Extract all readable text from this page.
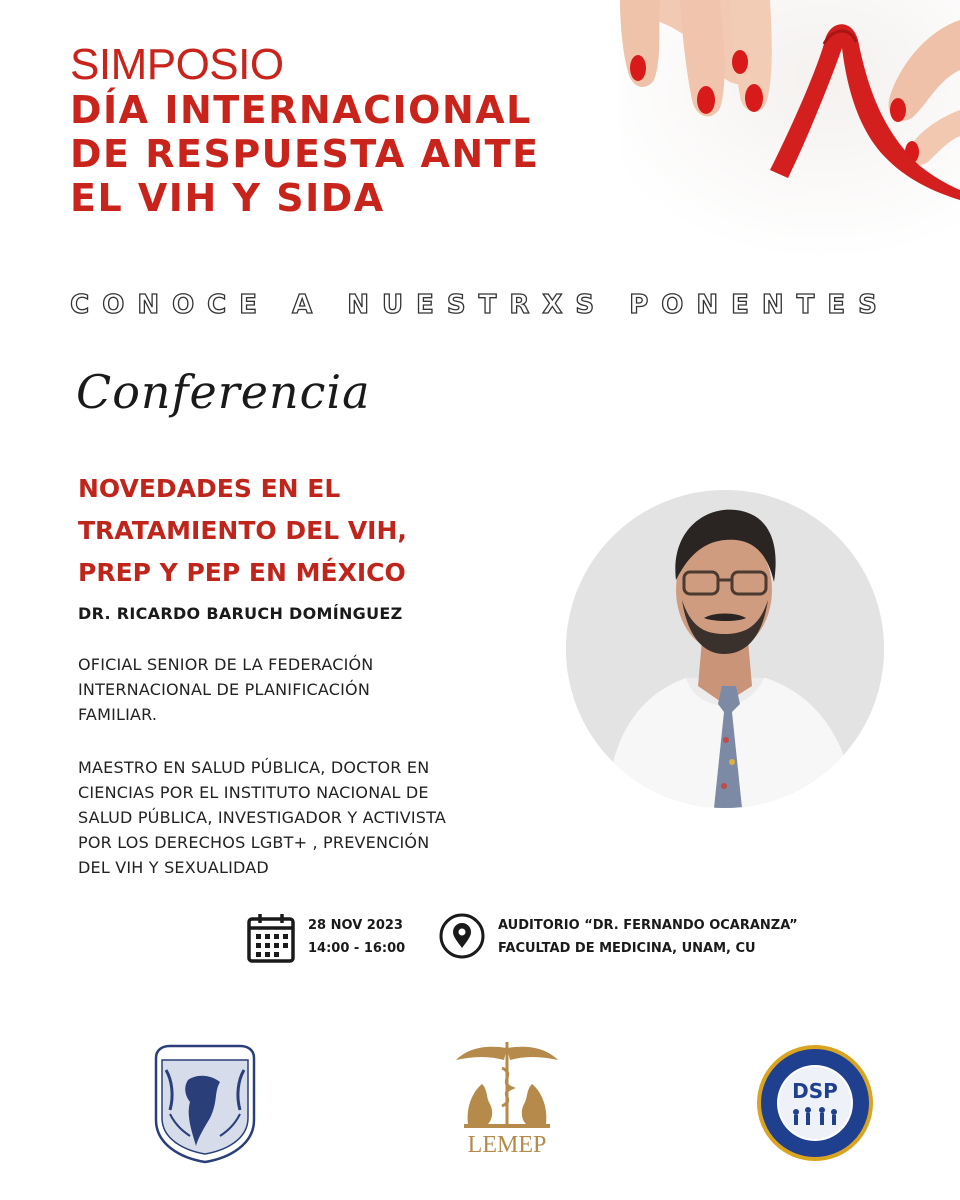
SIMPOSIO
DÍA INTERNACIONAL
DE RESPUESTA ANTE
EL VIH Y SIDA
CONOCE A NUESTRXS PONENTES
Conferencia
NOVEDADES EN EL
TRATAMIENTO DEL VIH,
PREP Y PEP EN MÉXICO
DR. RICARDO BARUCH DOMÍNGUEZ
OFICIAL SENIOR DE LA FEDERACIÓN
INTERNACIONAL DE PLANIFICACIÓN
FAMILIAR.
MAESTRO EN SALUD PÚBLICA, DOCTOR EN
CIENCIAS POR EL INSTITUTO NACIONAL DE
SALUD PÚBLICA, INVESTIGADOR Y ACTIVISTA
POR LOS DERECHOS LGBT+ , PREVENCIÓN
DEL VIH Y SEXUALIDAD
28 NOV 2023
14:00 - 16:00
AUDITORIO “DR. FERNANDO OCARANZA”
FACULTAD DE MEDICINA, UNAM, CU
LEMEP
DSP
